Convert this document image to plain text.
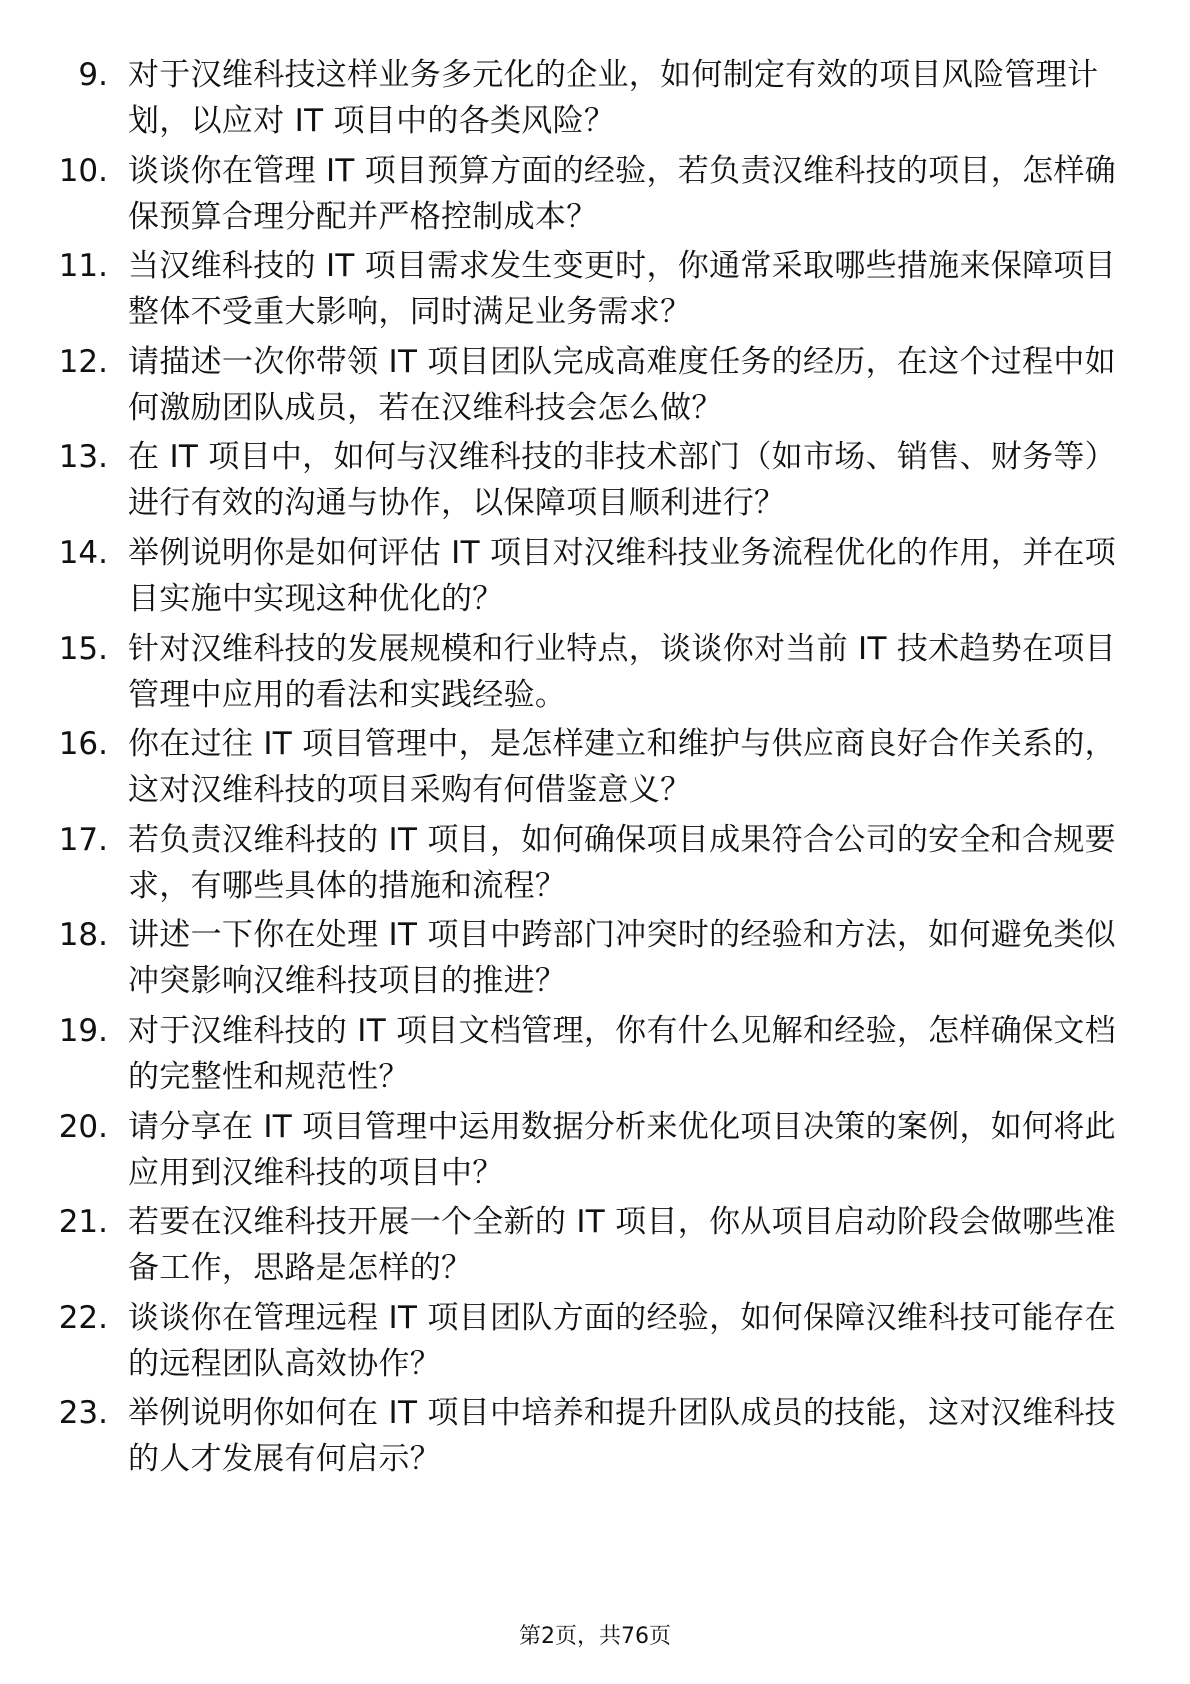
9. 对于汉维科技这样业务多元化的企业，如何制定有效的项目风险管理计划，以应对 IT 项目中的各类风险？
10. 谈谈你在管理 IT 项目预算方面的经验，若负责汉维科技的项目，怎样确保预算合理分配并严格控制成本？
11. 当汉维科技的 IT 项目需求发生变更时，你通常采取哪些措施来保障项目整体不受重大影响，同时满足业务需求？
12. 请描述一次你带领 IT 项目团队完成高难度任务的经历，在这个过程中如何激励团队成员，若在汉维科技会怎么做？
13. 在 IT 项目中，如何与汉维科技的非技术部门（如市场、销售、财务等）进行有效的沟通与协作，以保障项目顺利进行？
14. 举例说明你是如何评估 IT 项目对汉维科技业务流程优化的作用，并在项目实施中实现这种优化的？
15. 针对汉维科技的发展规模和行业特点，谈谈你对当前 IT 技术趋势在项目管理中应用的看法和实践经验。
16. 你在过往 IT 项目管理中，是怎样建立和维护与供应商良好合作关系的，这对汉维科技的项目采购有何借鉴意义？
17. 若负责汉维科技的 IT 项目，如何确保项目成果符合公司的安全和合规要求，有哪些具体的措施和流程？
18. 讲述一下你在处理 IT 项目中跨部门冲突时的经验和方法，如何避免类似冲突影响汉维科技项目的推进？
19. 对于汉维科技的 IT 项目文档管理，你有什么见解和经验，怎样确保文档的完整性和规范性？
20. 请分享在 IT 项目管理中运用数据分析来优化项目决策的案例，如何将此应用到汉维科技的项目中？
21. 若要在汉维科技开展一个全新的 IT 项目，你从项目启动阶段会做哪些准备工作，思路是怎样的？
22. 谈谈你在管理远程 IT 项目团队方面的经验，如何保障汉维科技可能存在的远程团队高效协作？
23. 举例说明你如何在 IT 项目中培养和提升团队成员的技能，这对汉维科技的人才发展有何启示？
第2页，共76页
